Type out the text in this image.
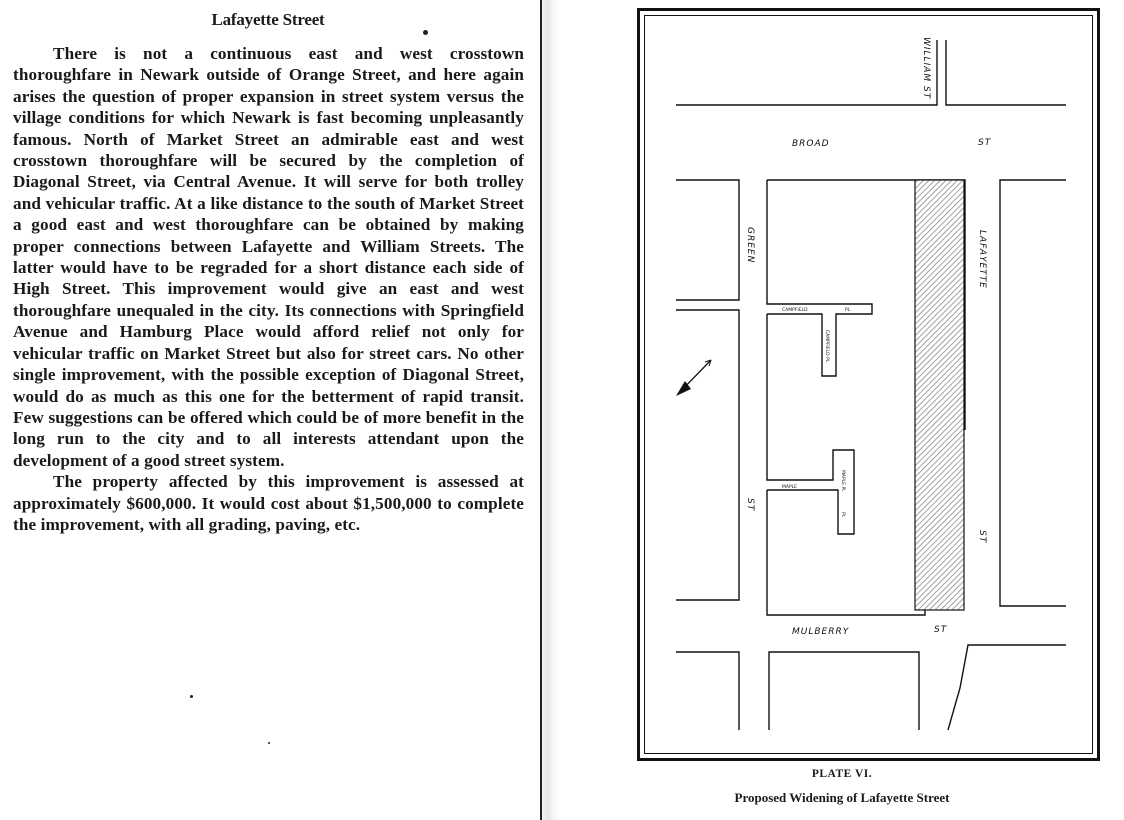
Lafayette Street

There is not a continuous east and west crosstown thoroughfare in Newark outside of Orange Street, and here again arises the question of proper expansion in street system versus the village conditions for which Newark is fast becoming unpleasantly famous. North of Market Street an admirable east and west crosstown thoroughfare will be secured by the completion of Diagonal Street, via Central Avenue. It will serve for both trolley and vehicular traffic. At a like distance to the south of Market Street a good east and west thoroughfare can be obtained by making proper connections between Lafayette and William Streets. The latter would have to be regraded for a short distance each side of High Street. This improvement would give an east and west thoroughfare unequaled in the city. Its connections with Springfield Avenue and Hamburg Place would afford relief not only for vehicular traffic on Market Street but also for street cars. No other single improvement, with the possible exception of Diagonal Street, would do as much as this one for the betterment of rapid transit. Few suggestions can be offered which could be of more benefit in the long run to the city and to all interests attendant upon the development of a good street system.

The property affected by this improvement is assessed at approximately $600,000. It would cost about $1,500,000 to complete the improvement, with all grading, paving, etc.

WILLIAM ST
BROAD	ST
GREEN
ST
LAFAYETTE
ST
MULBERRY	ST
CAMPFIELD	PL
CAMPFIELD PL
MAPLE	MAPLE PL
PL
PLATE VI.
Proposed Widening of Lafayette Street
